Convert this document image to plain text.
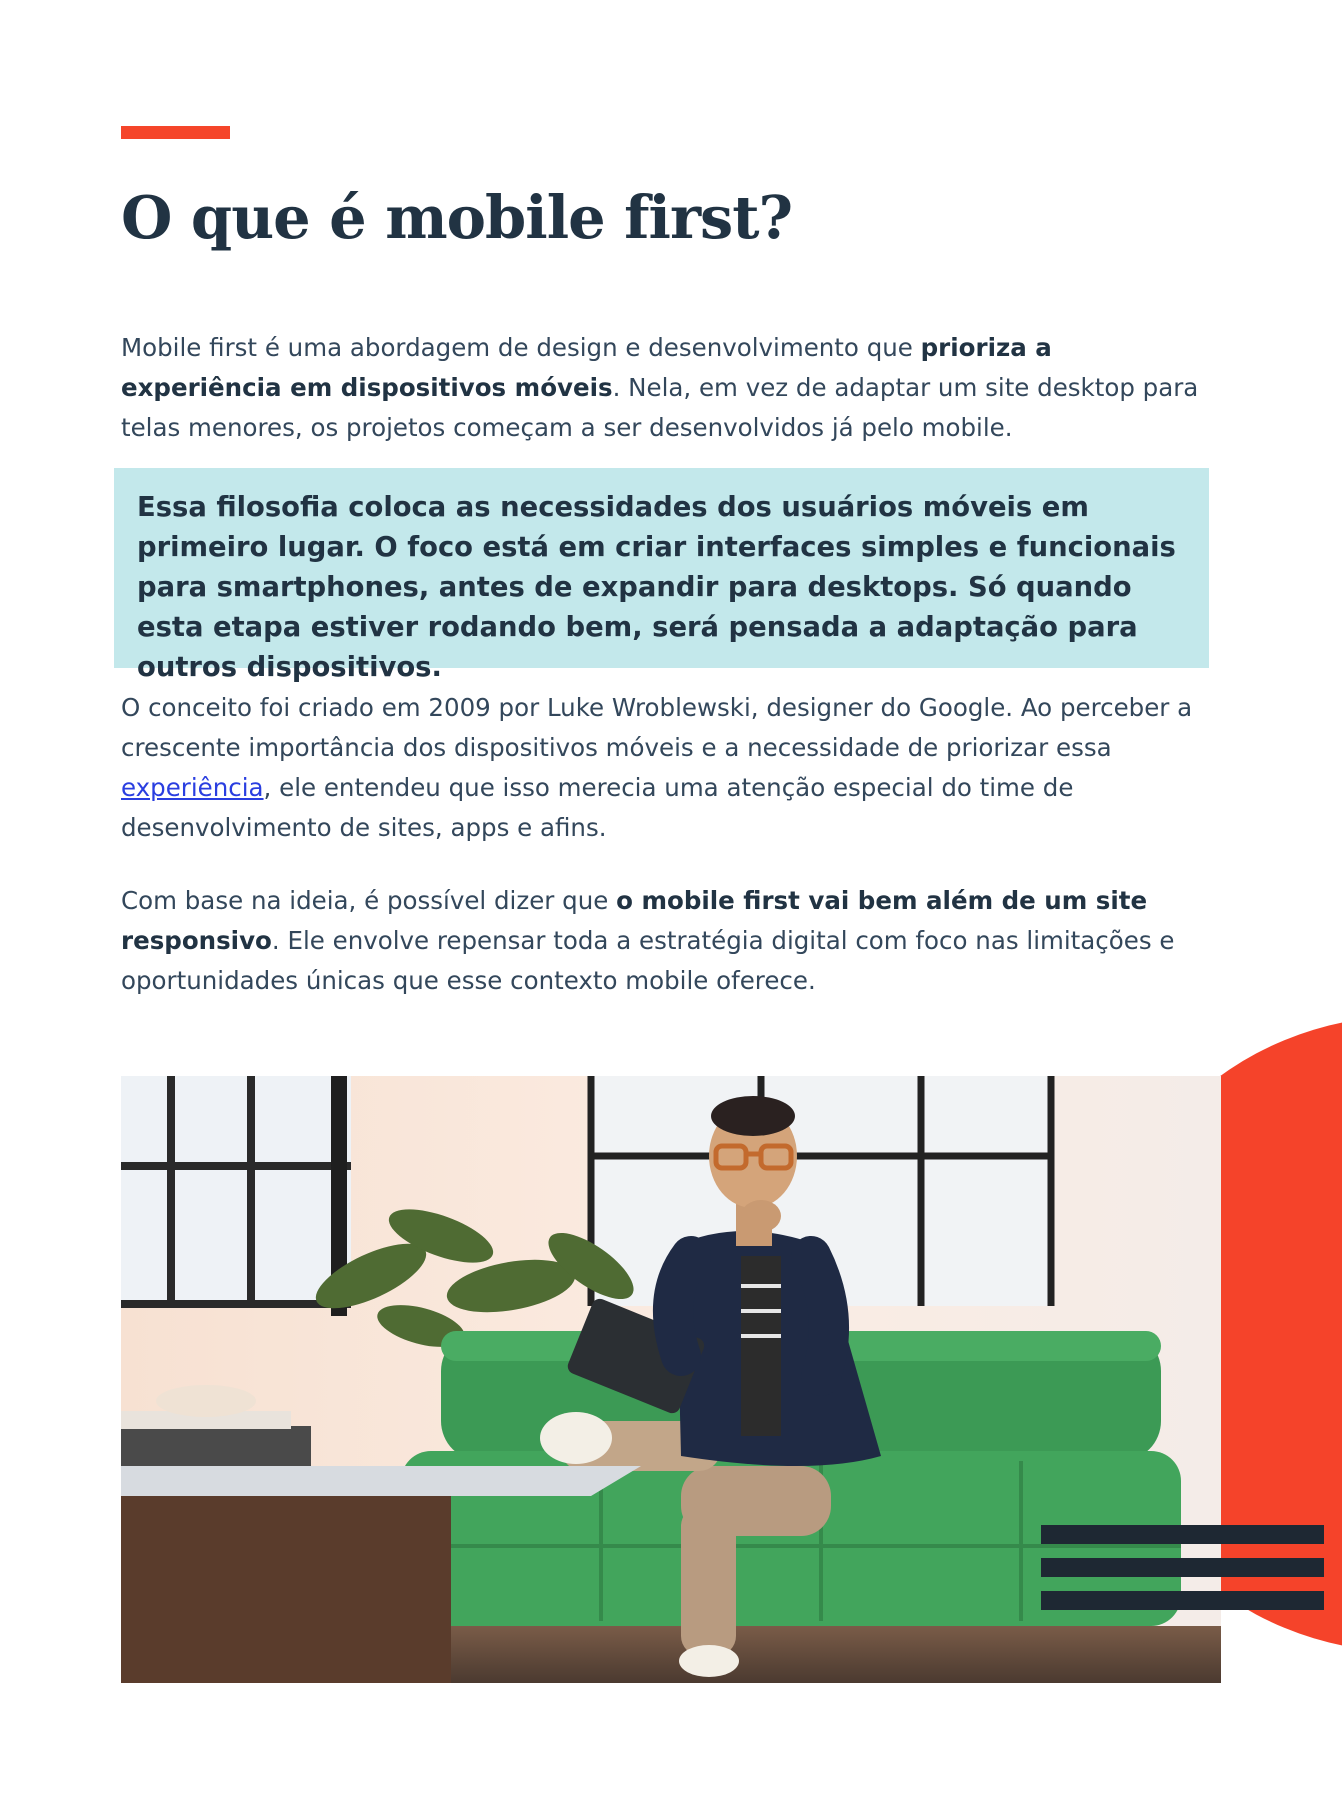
O que é mobile first?

Mobile first é uma abordagem de design e desenvolvimento que prioriza a experiência em dispositivos móveis. Nela, em vez de adaptar um site desktop para telas menores, os projetos começam a ser desenvolvidos já pelo mobile.

Essa filosofia coloca as necessidades dos usuários móveis em primeiro lugar. O foco está em criar interfaces simples e funcionais para smartphones, antes de expandir para desktops. Só quando esta etapa estiver rodando bem, será pensada a adaptação para outros dispositivos.

O conceito foi criado em 2009 por Luke Wroblewski, designer do Google. Ao perceber a crescente importância dos dispositivos móveis e a necessidade de priorizar essa experiência, ele entendeu que isso merecia uma atenção especial do time de desenvolvimento de sites, apps e afins.

Com base na ideia, é possível dizer que o mobile first vai bem além de um site responsivo. Ele envolve repensar toda a estratégia digital com foco nas limitações e oportunidades únicas que esse contexto mobile oferece.
